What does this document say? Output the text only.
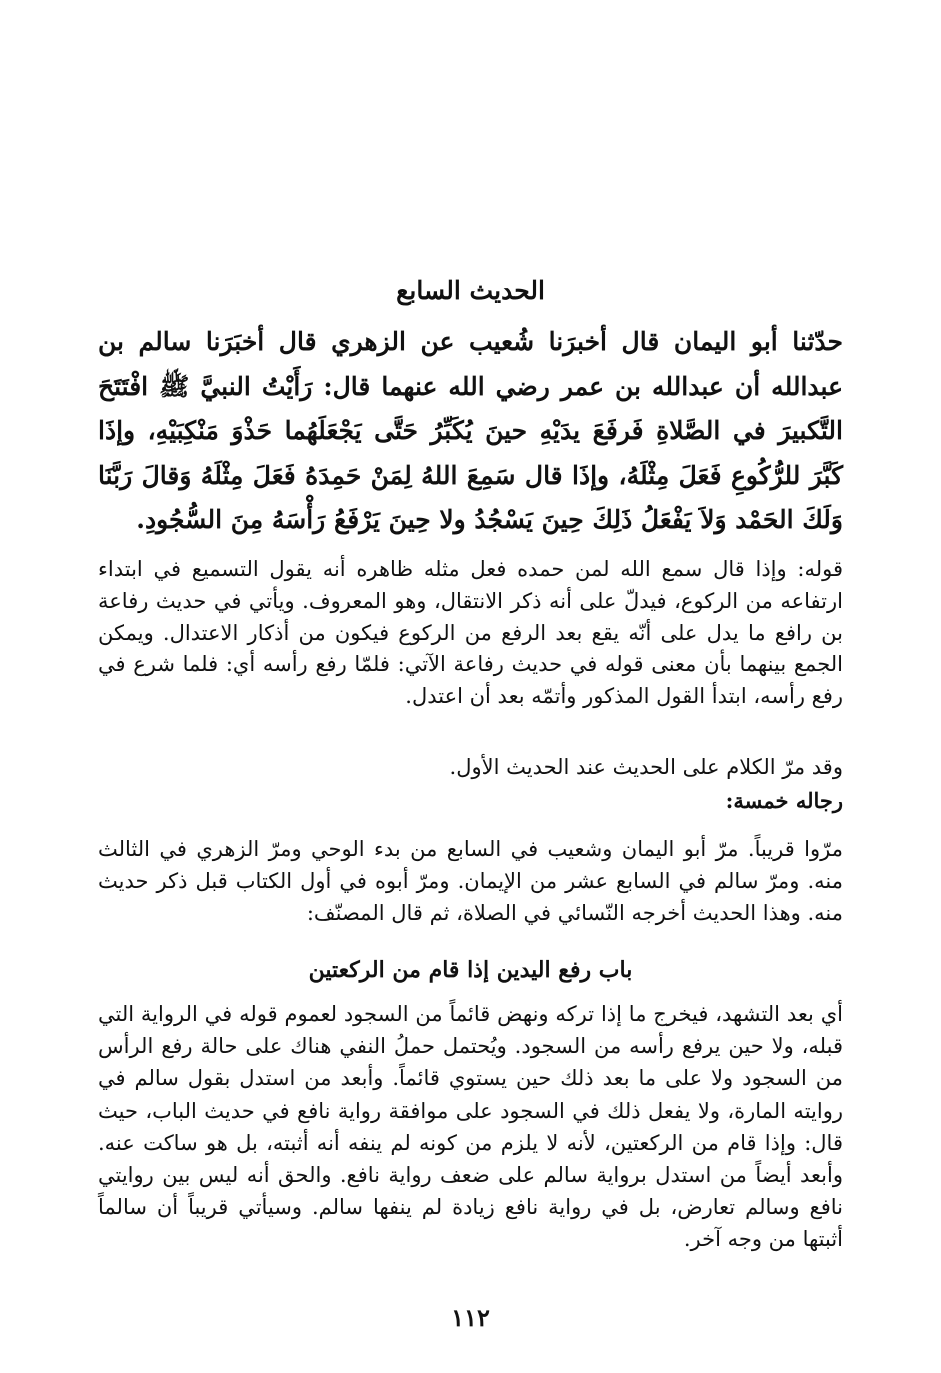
الحديث السابع
حدّثنا أبو اليمان قال أخبرَنا شُعيب عن الزهري قال أخبَرَنا سالم بن عبدالله أن عبدالله بن عمر رضي الله عنهما قال: رَأَيْتُ النبيَّ ﷺ افْتَتَحَ التَّكبيرَ في الصَّلاةِ فَرفَعَ يدَيْهِ حينَ يُكَبِّرُ حَتَّى يَجْعَلَهُما حَذْوَ مَنْكِبَيْهِ، وإذَا كَبَّرَ للرُّكُوعِ فَعَلَ مِثْلَهُ، وإذَا قال سَمِعَ اللهُ لِمَنْ حَمِدَهُ فَعَلَ مِثْلَهُ وَقالَ رَبَّنَا وَلَكَ الحَمْد وَلاَ يَفْعَلُ ذَلِكَ حِينَ يَسْجُدُ ولا حِينَ يَرْفَعُ رَأْسَهُ مِنَ السُّجُودِ.
قوله: وإذا قال سمع الله لمن حمده فعل مثله ظاهره أنه يقول التسميع في ابتداء ارتفاعه من الركوع، فيدلّ على أنه ذكر الانتقال، وهو المعروف. ويأتي في حديث رفاعة بن رافع ما يدل على أنّه يقع بعد الرفع من الركوع فيكون من أذكار الاعتدال. ويمكن الجمع بينهما بأن معنى قوله في حديث رفاعة الآتي: فلمّا رفع رأسه أي: فلما شرع في رفع رأسه، ابتدأ القول المذكور وأتمّه بعد أن اعتدل.
وقد مرّ الكلام على الحديث عند الحديث الأول.
رجاله خمسة:
مرّوا قريباً. مرّ أبو اليمان وشعيب في السابع من بدء الوحي ومرّ الزهري في الثالث منه. ومرّ سالم في السابع عشر من الإيمان. ومرّ أبوه في أول الكتاب قبل ذكر حديث منه. وهذا الحديث أخرجه النّسائي في الصلاة، ثم قال المصنّف:
باب رفع اليدين إذا قام من الركعتين
أي بعد التشهد، فيخرج ما إذا تركه ونهض قائماً من السجود لعموم قوله في الرواية التي قبله، ولا حين يرفع رأسه من السجود. ويُحتمل حملُ النفي هناك على حالة رفع الرأس من السجود ولا على ما بعد ذلك حين يستوي قائماً. وأبعد من استدل بقول سالم في روايته المارة، ولا يفعل ذلك في السجود على موافقة رواية نافع في حديث الباب، حيث قال: وإذا قام من الركعتين، لأنه لا يلزم من كونه لم ينفه أنه أثبته، بل هو ساكت عنه. وأبعد أيضاً من استدل برواية سالم على ضعف رواية نافع. والحق أنه ليس بين روايتي نافع وسالم تعارض، بل في رواية نافع زيادة لم ينفها سالم. وسيأتي قريباً أن سالماً أثبتها من وجه آخر.
١١٢
